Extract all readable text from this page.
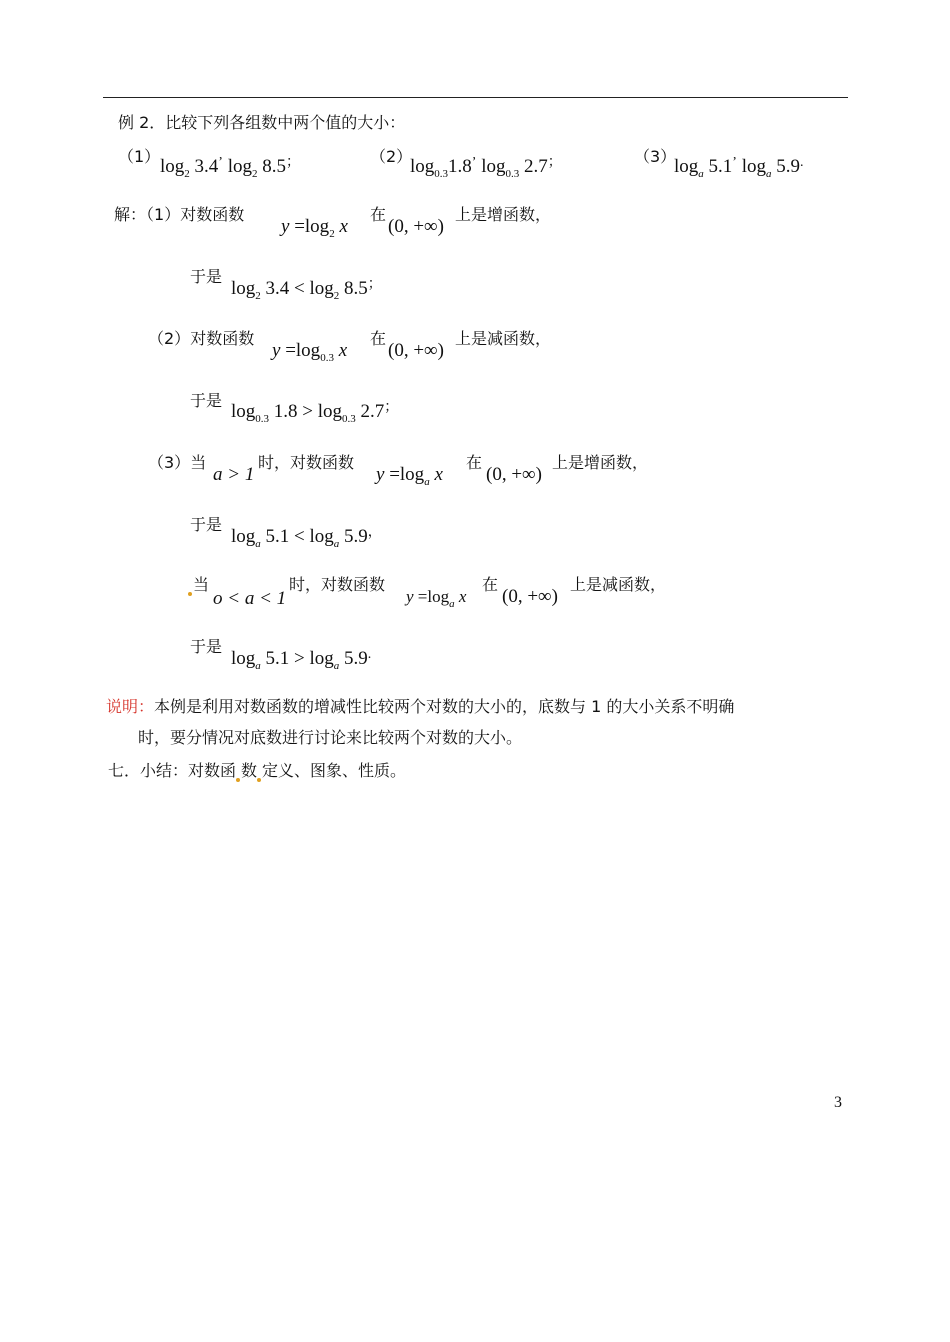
例 2．比较下列各组数中两个值的大小：
（1） $\log_2 3.4^’$ $\log_2 8.5^;$	（2）
$\log_{0.3}1.8^’$ $\log_{0.3} 2.7^;$	（3）
$\log_a 5.1^’$ $\log_a 5.9^.$
解：（1）对数函数
$y =\log_2$ x
在
(0, +∞)
上是增函数，
于是
$\log_2 3.4 < \log_2 8.5^;$
（2）对数函数
$y =\log_{0.3}$ x
在
(0, +∞)
上是减函数，
于是
$\log_{0.3} 1.8 > \log_{0.3} 2.7^;$
（3）当
a > 1
时，对数函数
$y =\log_a$ x
在
(0, +∞)
上是增函数，
于是
$\log_a 5.1 < \log_a 5.9^,$
当
o < a < 1
时，对数函数
$y =\log_a$ x
在
(0, +∞)
上是减函数，
于是
$\log_a 5.1 > \log_a 5.9^.$
说明：本例是利用对数函数的增减性比较两个对数的大小的，底数与 1 的大小关系不明确
时，要分情况对底数进行讨论来比较两个对数的大小。
七．小结：对数函 数 定义、图象、性质。
3
